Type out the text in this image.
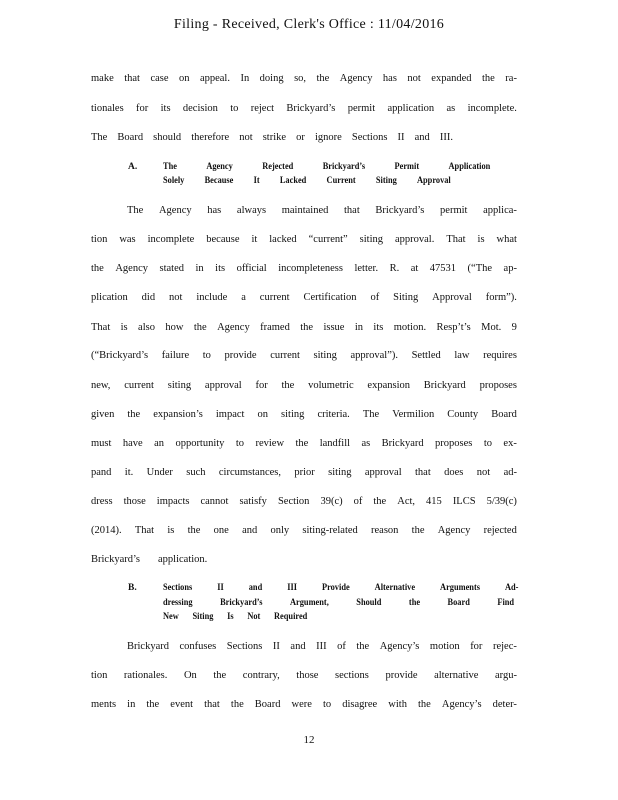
Filing - Received, Clerk's Office : 11/04/2016
make that case on appeal. In doing so, the Agency has not expanded the ra-
tionales for its decision to reject Brickyard’s permit application as incomplete.
The Board should therefore not strike or ignore Sections II and III.
A.	The	Agency	Rejected	Brickyard’s	Permit	Application
Solely Because It Lacked Current Siting Approval
The Agency has always maintained that Brickyard’s permit applica-
tion was incomplete because it lacked “current” siting approval. That is what
the Agency stated in its official incompleteness letter. R. at 47531 (“The ap-
plication did not include a current Certification of Siting Approval form”).
That is also how the Agency framed the issue in its motion. Resp’t’s Mot. 9
(“Brickyard’s failure to provide current siting approval”). Settled law requires
new, current siting approval for the volumetric expansion Brickyard proposes
given the expansion’s impact on siting criteria. The Vermilion County Board
must have an opportunity to review the landfill as Brickyard proposes to ex-
pand it. Under such circumstances, prior siting approval that does not ad-
dress those impacts cannot satisfy Section 39(c) of the Act, 415 ILCS 5/39(c)
(2014). That is the one and only siting-related reason the Agency rejected
Brickyard’s application.
B.	Sections	II	and	III	Provide	Alternative	Arguments	Ad-
dressing	Brickyard’s	Argument,	Should	the	Board	Find
New Siting Is Not Required
Brickyard confuses Sections II and III of the Agency’s motion for rejec-
tion rationales. On the contrary, those sections provide alternative argu-
ments in the event that the Board were to disagree with the Agency’s deter-
12
